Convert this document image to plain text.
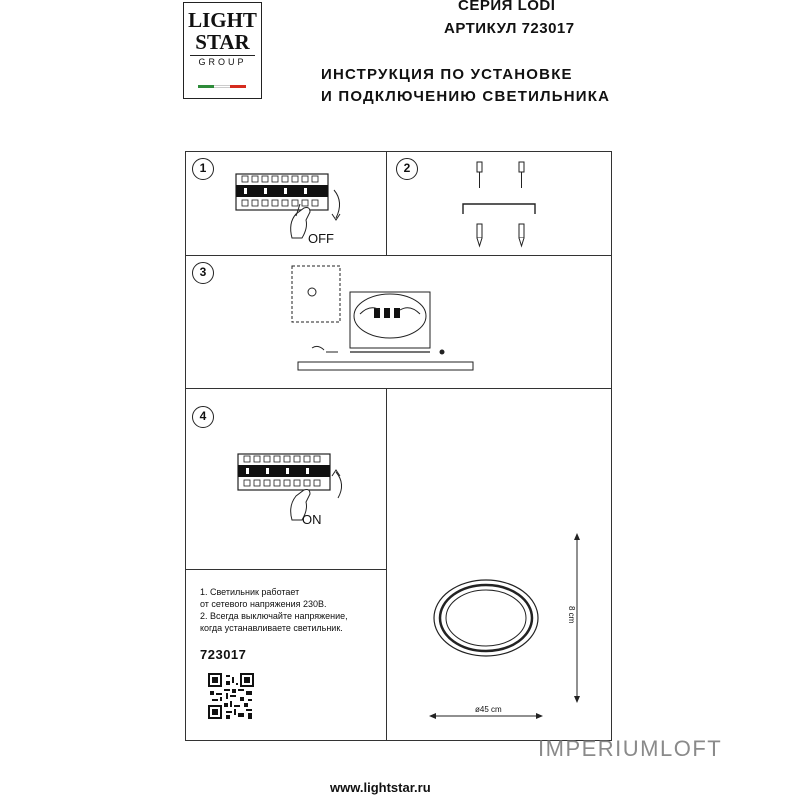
LIGHT
STAR
GROUP
СЕРИЯ LODI
АРТИКУЛ 723017
ИНСТРУКЦИЯ ПО УСТАНОВКЕ
И ПОДКЛЮЧЕНИЮ СВЕТИЛЬНИКА
1	2
3
4
OFF
ON
1. Светильник работает
от сетевого напряжения 230В.
2. Всегда выключайте напряжение,
когда устанавливаете светильник.
723017
8 cm
ø45 cm
www.lightstar.ru
IMPERIUMLOFT
